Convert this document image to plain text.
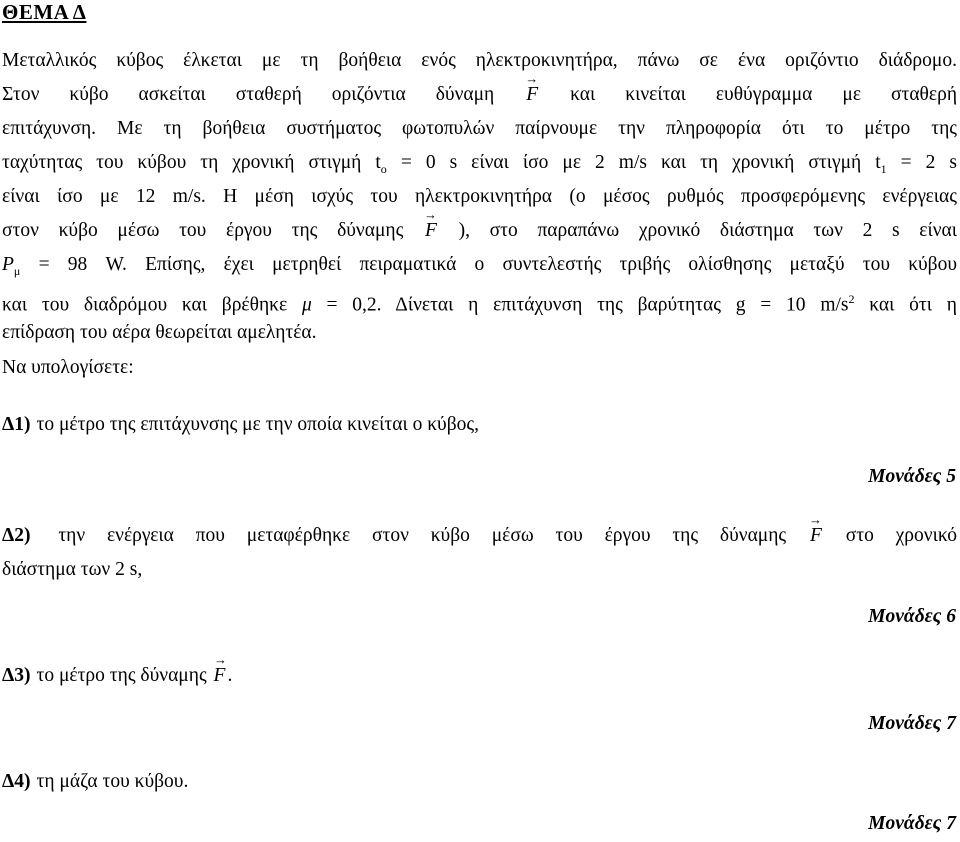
ΘΕΜΑ Δ
Μεταλλικός κύβος έλκεται με τη βοήθεια ενός ηλεκτροκινητήρα, πάνω σε ένα οριζόντιο διάδρομο.
Στον κύβο ασκείται σταθερή οριζόντια δύναμη
→
F και κινείται ευθύγραμμα με σταθερή
επιτάχυνση. Με τη βοήθεια συστήματος φωτοπυλών παίρνουμε την πληροφορία ότι το μέτρο της
ταχύτητας του κύβου τη χρονική στιγμή $t_o = 0$ s είναι ίσο με 2 m/s και τη χρονική στιγμή $t_1 = 2$ s
είναι ίσο με 12 m/s. Η μέση ισχύς του ηλεκτροκινητήρα (ο μέσος ρυθμός προσφερόμενης ενέργειας
στον κύβο μέσω του έργου της δύναμης
→
F ), στο παραπάνω χρονικό διάστημα των 2 s είναι
$P_\mu = 98$ W. Επίσης, έχει μετρηθεί πειραματικά ο συντελεστής τριβής ολίσθησης μεταξύ του κύβου
και του διαδρόμου και βρέθηκε μ = 0,2. Δίνεται η επιτάχυνση της βαρύτητας g = 10 $m/s^2$ και ότι η
επίδραση του αέρα θεωρείται αμελητέα.
Να υπολογίσετε:
Δ1) το μέτρο της επιτάχυνσης με την οποία κινείται ο κύβος,
Μονάδες 5
Δ2) την ενέργεια που μεταφέρθηκε στον κύβο μέσω του έργου της δύναμης
→
F στο χρονικό
διάστημα των 2 s,
Μονάδες 6
Δ3) το μέτρο της δύναμης
→
F .
Μονάδες 7
Δ4) τη μάζα του κύβου.
Μονάδες 7
